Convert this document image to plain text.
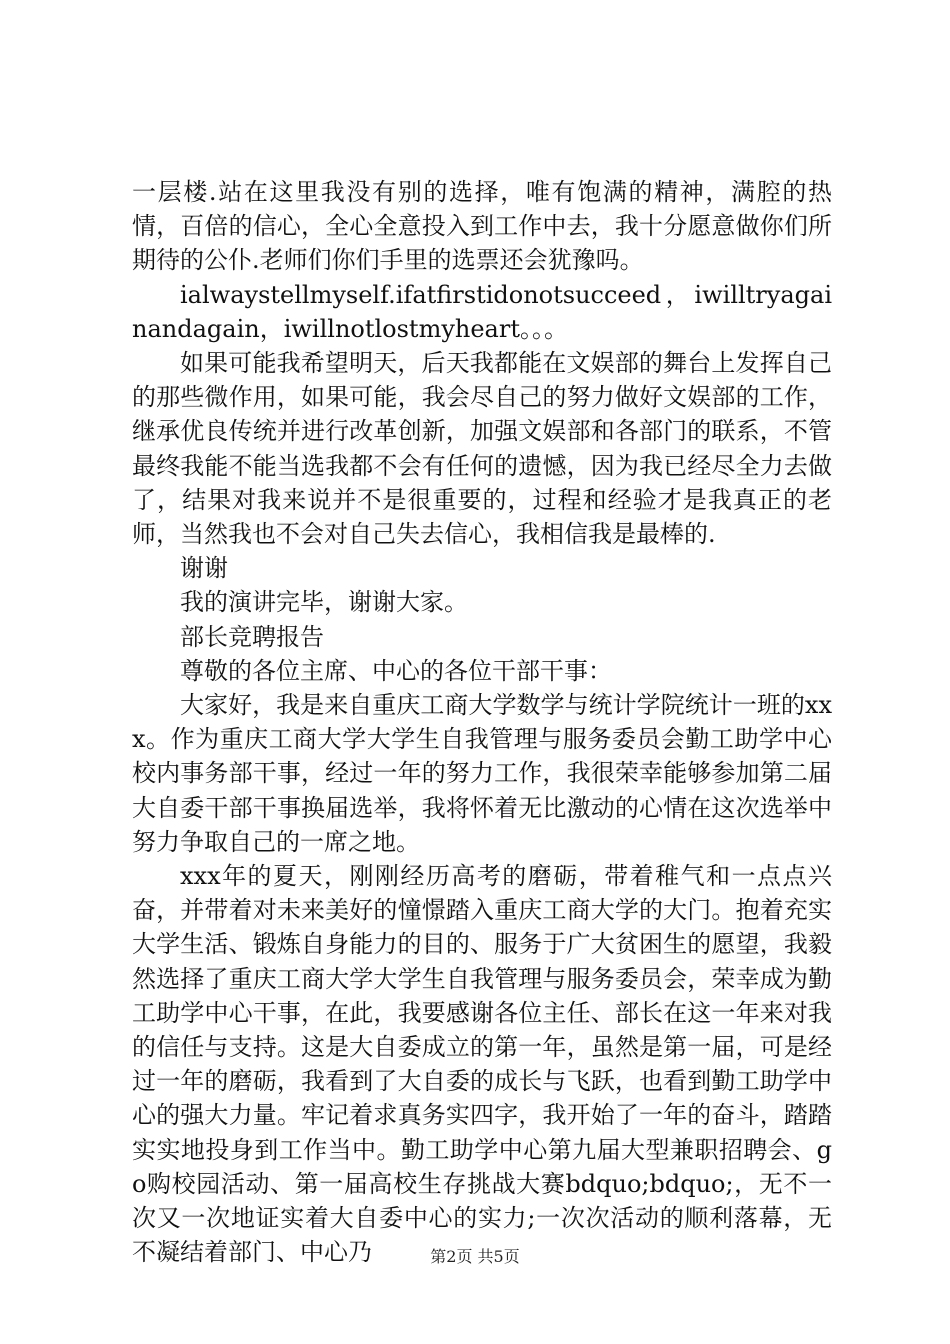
一层楼.站在这里我没有别的选择，唯有饱满的精神，满腔的热情，百倍的信心，全心全意投入到工作中去，我十分愿意做你们所期待的公仆.老师们你们手里的选票还会犹豫吗。

ialwaystellmyself.ifatfirstidonotsucceed，iwilltryagainandagain，iwillnotlostmyheart。。。

如果可能我希望明天，后天我都能在文娱部的舞台上发挥自己的那些微作用，如果可能，我会尽自己的努力做好文娱部的工作，继承优良传统并进行改革创新，加强文娱部和各部门的联系，不管最终我能不能当选我都不会有任何的遗憾，因为我已经尽全力去做了，结果对我来说并不是很重要的，过程和经验才是我真正的老师，当然我也不会对自己失去信心，我相信我是最棒的.

谢谢

我的演讲完毕，谢谢大家。

部长竞聘报告

尊敬的各位主席、中心的各位干部干事：

大家好，我是来自重庆工商大学数学与统计学院统计一班的xxx。作为重庆工商大学大学生自我管理与服务委员会勤工助学中心校内事务部干事，经过一年的努力工作，我很荣幸能够参加第二届大自委干部干事换届选举，我将怀着无比激动的心情在这次选举中努力争取自己的一席之地。

xxx年的夏天，刚刚经历高考的磨砺，带着稚气和一点点兴奋，并带着对未来美好的憧憬踏入重庆工商大学的大门。抱着充实大学生活、锻炼自身能力的目的、服务于广大贫困生的愿望，我毅然选择了重庆工商大学大学生自我管理与服务委员会，荣幸成为勤工助学中心干事，在此，我要感谢各位主任、部长在这一年来对我的信任与支持。这是大自委成立的第一年，虽然是第一届，可是经过一年的磨砺，我看到了大自委的成长与飞跃，也看到勤工助学中心的强大力量。牢记着求真务实四字，我开始了一年的奋斗，踏踏实实地投身到工作当中。勤工助学中心第九届大型兼职招聘会、go购校园活动、第一届高校生存挑战大赛bdquo;bdquo;，无不一次又一次地证实着大自委中心的实力;一次次活动的顺利落幕，无不凝结着部门、中心乃	第2页 共5页
